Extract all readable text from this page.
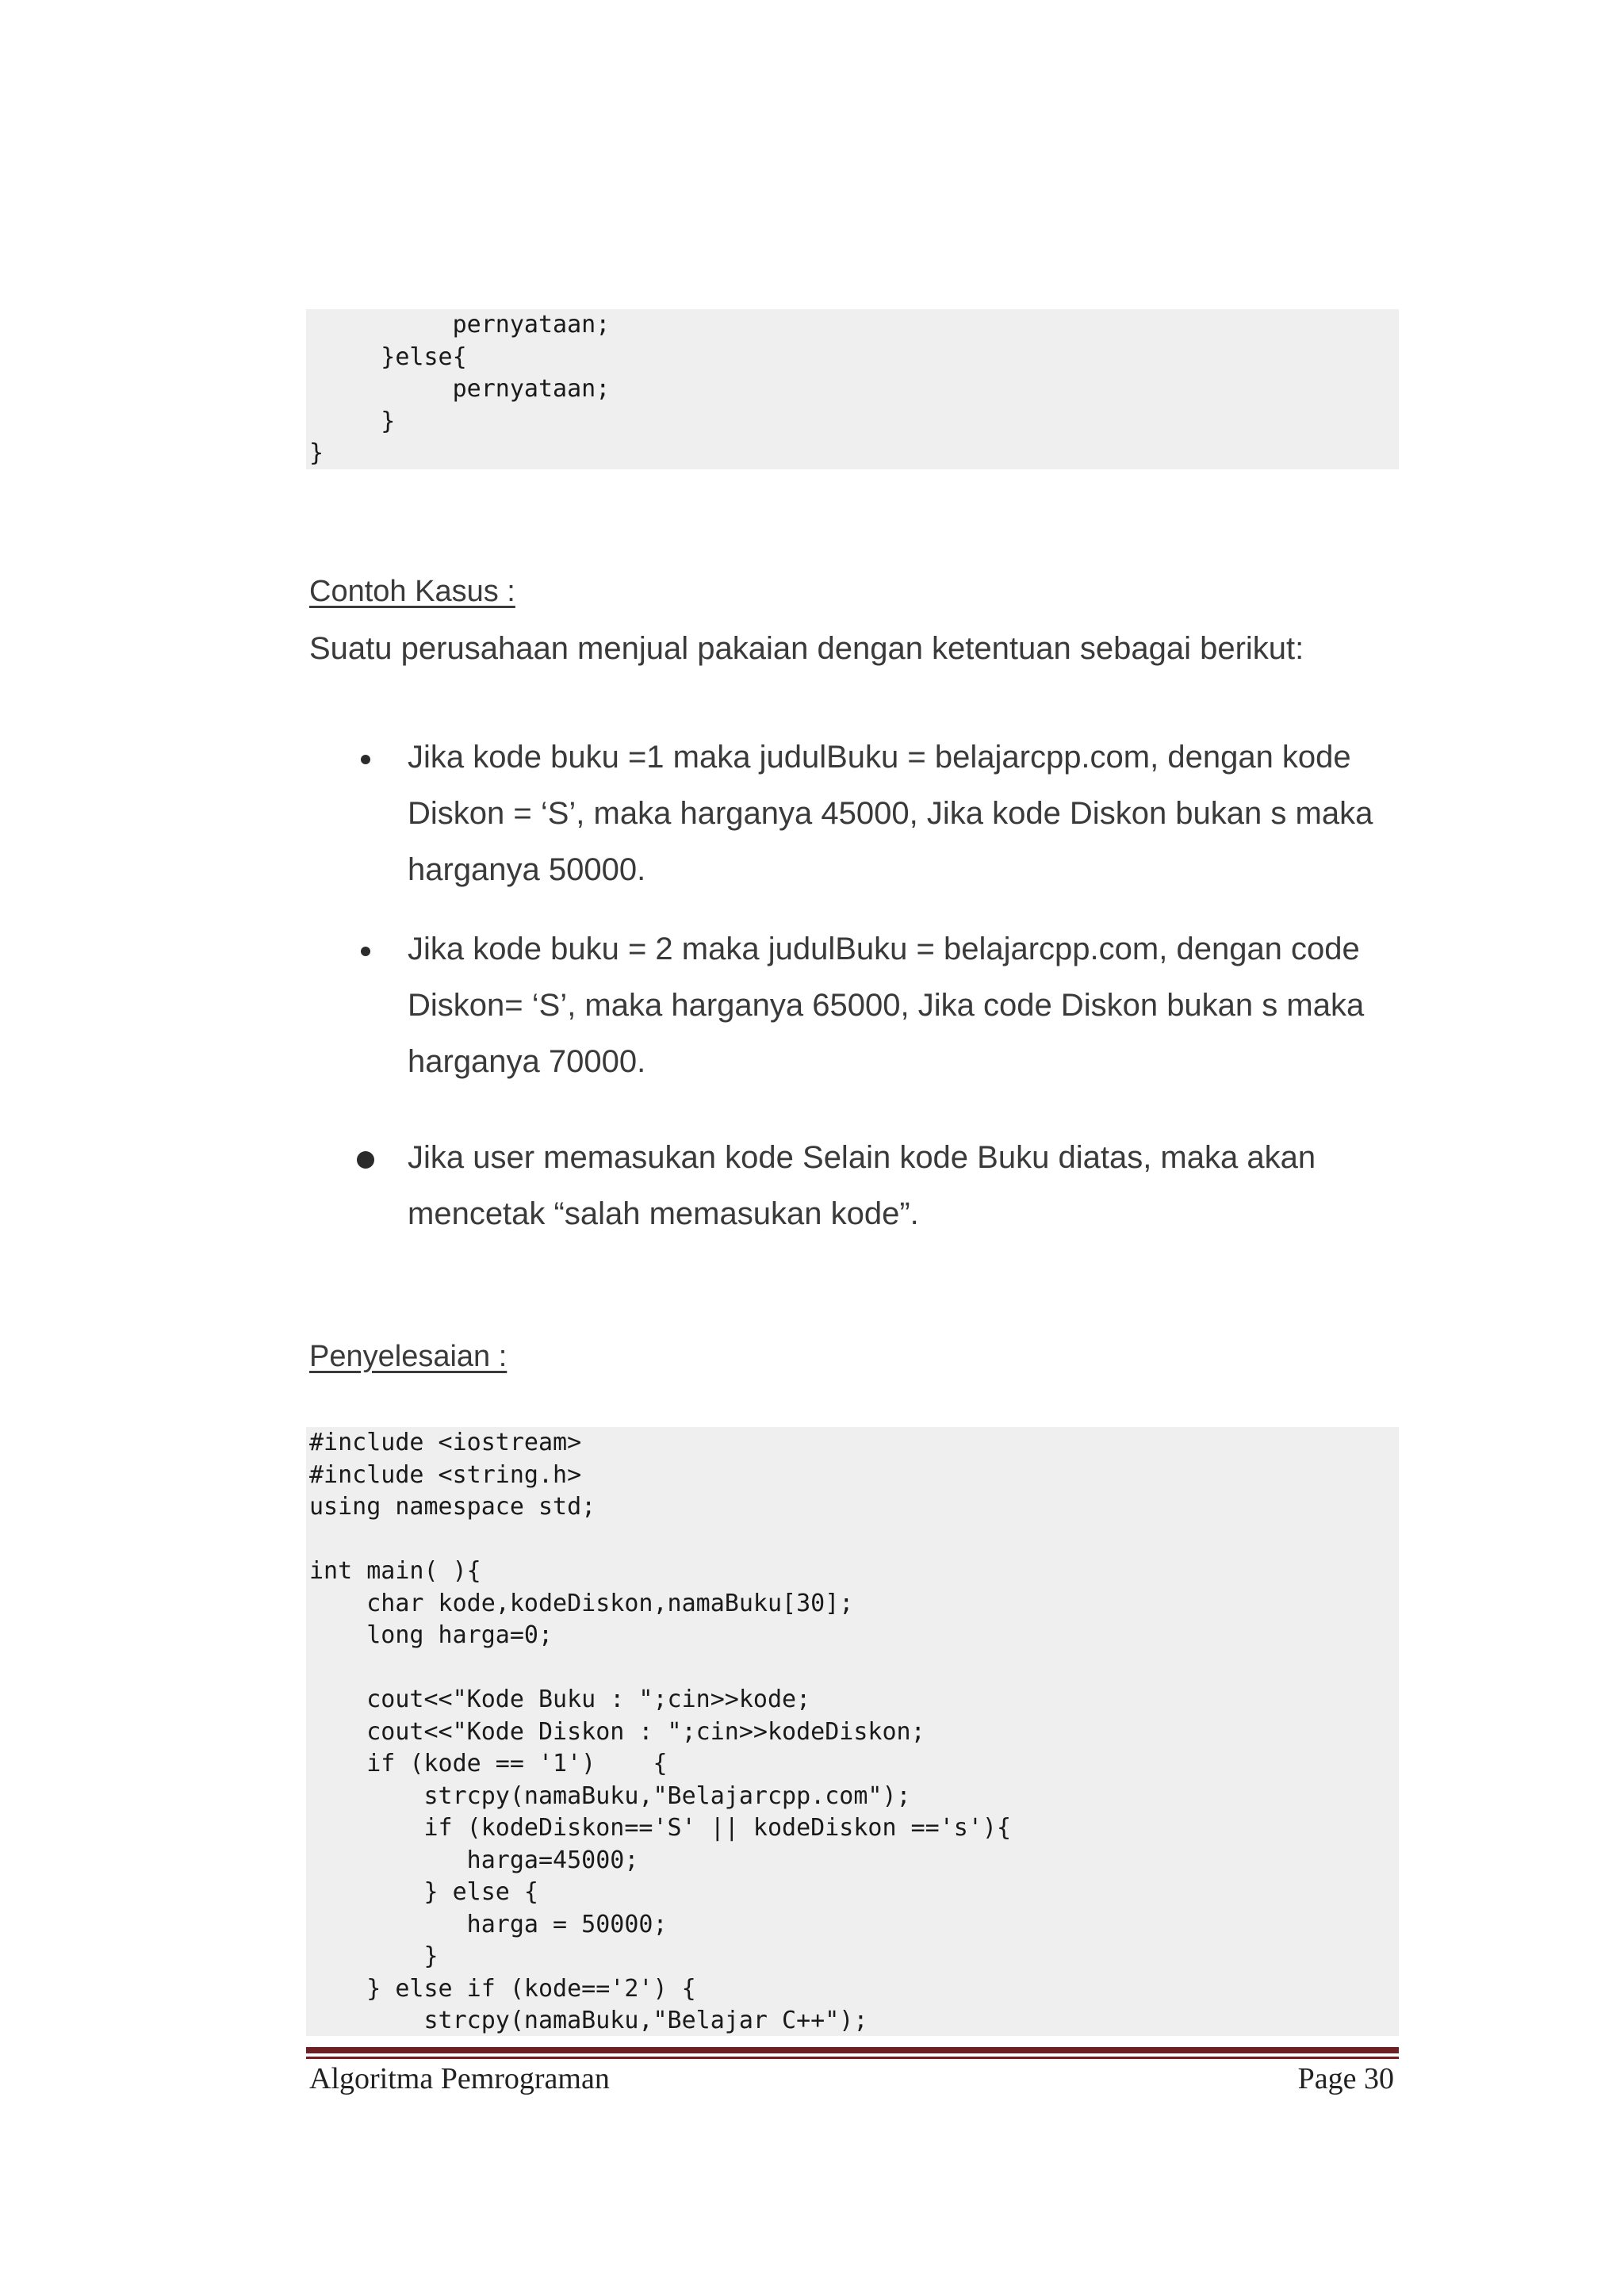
pernyataan;
}else{
pernyataan;
}
}
Contoh Kasus :
Suatu perusahaan menjual pakaian dengan ketentuan sebagai berikut:
Jika kode buku =1 maka judulBuku = belajarcpp.com, dengan kode Diskon = ‘S’, maka harganya 45000, Jika kode Diskon bukan s maka harganya 50000.
Jika kode buku = 2 maka judulBuku = belajarcpp.com, dengan code Diskon= ‘S’, maka harganya 65000, Jika code Diskon bukan s maka harganya 70000.
Jika user memasukan kode Selain kode Buku diatas, maka akan mencetak “salah memasukan kode”.
Penyelesaian :
#include <iostream>
#include <string.h>
using namespace std;

int main( ){
char kode,kodeDiskon,namaBuku[30];
long harga=0;

cout<<"Kode Buku : ";cin>>kode;
cout<<"Kode Diskon : ";cin>>kodeDiskon;
if (kode == '1')    {
strcpy(namaBuku,"Belajarcpp.com");
if (kodeDiskon=='S' || kodeDiskon =='s'){
harga=45000;
} else {
harga = 50000;
}
} else if (kode=='2') {
strcpy(namaBuku,"Belajar C++");
Algoritma Pemrograman	Page 30
